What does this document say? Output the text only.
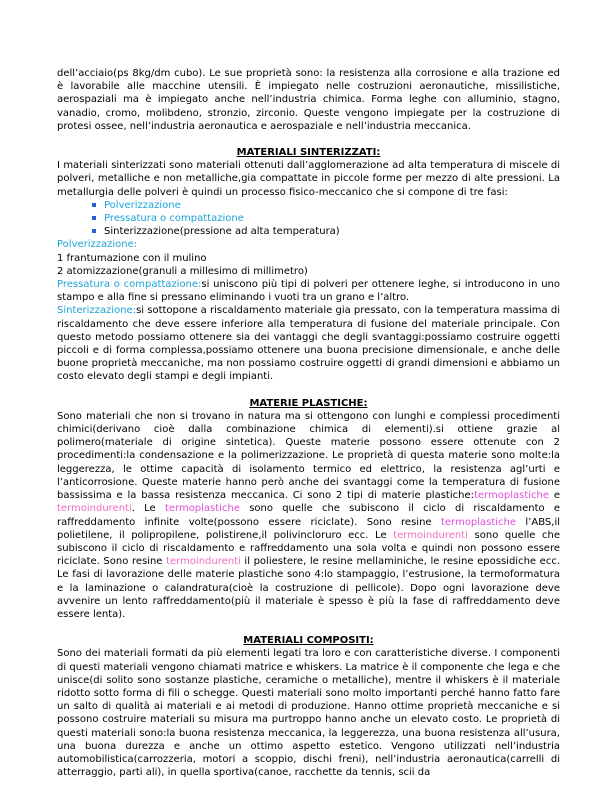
dell’acciaio(ps 8kg/dm cubo). Le sue proprietà sono: la resistenza alla corrosione e alla trazione ed è lavorabile alle macchine utensili. È impiegato nelle costruzioni aeronautiche, missilistiche, aerospaziali ma è impiegato anche nell’industria chimica. Forma leghe con alluminio, stagno, vanadio, cromo, molibdeno, stronzio, zirconio. Queste vengono impiegate per la costruzione di protesi ossee, nell’industria aeronautica e aerospaziale e nell’industria meccanica.

MATERIALI SINTERIZZATI:

I materiali sinterizzati sono materiali ottenuti dall’agglomerazione ad alta temperatura di miscele di polveri, metalliche e non metalliche,gia compattate in piccole forme per mezzo di alte pressioni. La metallurgia delle polveri è quindi un processo fisico-meccanico che si compone di tre fasi:

Polverizzazione
Pressatura o compattazione
Sinterizzazione(pressione ad alta temperatura)

Polverizzazione:

1 frantumazione con il mulino

2 atomizzazione(granuli a millesimo di millimetro)

Pressatura o compattazione:si uniscono più tipi di polveri per ottenere leghe, si introducono in uno stampo e alla fine si pressano eliminando i vuoti tra un grano e l’altro.

Sinterizzazione:si sottopone a riscaldamento materiale gia pressato, con la temperatura massima di riscaldamento che deve essere inferiore alla temperatura di fusione del materiale principale. Con questo metodo possiamo ottenere sia dei vantaggi che degli svantaggi:possiamo costruire oggetti piccoli e di forma complessa,possiamo ottenere una buona precisione dimensionale, e anche delle buone proprietà meccaniche, ma non possiamo costruire oggetti di grandi dimensioni e abbiamo un costo elevato degli stampi e degli impianti.

MATERIE PLASTICHE:

Sono materiali che non si trovano in natura ma si ottengono con lunghi e complessi procedimenti chimici(derivano cioè dalla combinazione chimica di elementi).si ottiene grazie al polimero(materiale di origine sintetica). Queste materie possono essere ottenute con 2 procedimenti:la condensazione e la polimerizzazione. Le proprietà di questa materie sono molte:la leggerezza, le ottime capacità di isolamento termico ed elettrico, la resistenza agl’urti e l’anticorrosione. Queste materie hanno però anche dei svantaggi come la temperatura di fusione bassissima e la bassa resistenza meccanica. Ci sono 2 tipi di materie plastiche:termoplastiche e termoindurenti. Le termoplastiche sono quelle che subiscono il ciclo di riscaldamento e raffreddamento infinite volte(possono essere riciclate). Sono resine termoplastiche l’ABS,il polietilene, il polipropilene, polistirene,il polivincloruro ecc. Le termoindurenti sono quelle che subiscono il ciclo di riscaldamento e raffreddamento una sola volta e quindi non possono essere riciclate. Sono resine termoindurenti il poliestere, le resine mellaminiche, le resine epossidiche ecc. Le fasi di lavorazione delle materie plastiche sono 4:lo stampaggio, l’estrusione, la termoformatura e la laminazione o calandratura(cioè la costruzione di pellicole). Dopo ogni lavorazione deve avvenire un lento raffreddamento(più il materiale è spesso è più la fase di raffreddamento deve essere lenta).

MATERIALI COMPOSITI:

Sono dei materiali formati da più elementi legati tra loro e con caratteristiche diverse. I componenti di questi materiali vengono chiamati matrice e whiskers. La matrice è il componente che lega e che unisce(di solito sono sostanze plastiche, ceramiche o metalliche), mentre il whiskers è il materiale ridotto sotto forma di fili o schegge. Questi materiali sono molto importanti perché hanno fatto fare un salto di qualità ai materiali e ai metodi di produzione. Hanno ottime proprietà meccaniche e si possono costruire materiali su misura ma purtroppo hanno anche un elevato costo. Le proprietà di questi materiali sono:la buona resistenza meccanica, la leggerezza, una buona resistenza all’usura, una buona durezza e anche un ottimo aspetto estetico. Vengono utilizzati nell’industria automobilistica(carrozzeria, motori a scoppio, dischi freni), nell’industria aeronautica(carrelli di atterraggio, parti ali), in quella sportiva(canoe, racchette da tennis, scii da
